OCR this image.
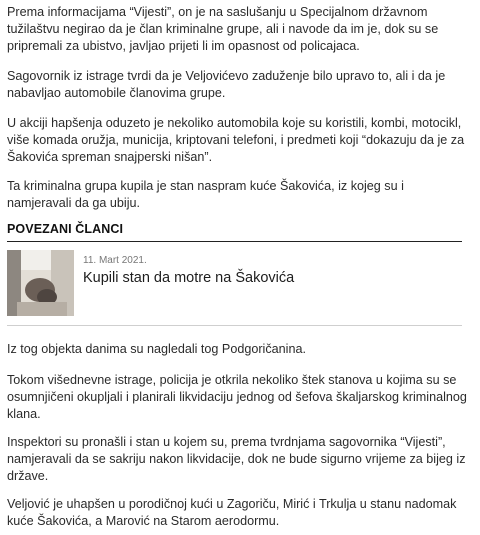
Prema informacijama “Vijesti”, on je na saslušanju u Specijalnom državnom tužilaštvu negirao da je član kriminalne grupe, ali i navode da im je, dok su se pripremali za ubistvo, javljao prijeti li im opasnost od policajaca.

Sagovornik iz istrage tvrdi da je Veljovićevo zaduženje bilo upravo to, ali i da je nabavljao automobile članovima grupe.

U akciji hapšenja oduzeto je nekoliko automobila koje su koristili, kombi, motocikl, više komada oružja, municija, kriptovani telefoni, i predmeti koji “dokazuju da je za Šakovića spreman snajperski nišan”.

Ta kriminalna grupa kupila je stan naspram kuće Šakovića, iz kojeg su i namjeravali da ga ubiju.

POVEZANI ČLANCI
11. Mart 2021.
Kupili stan da motre na Šakovića

Iz tog objekta danima su nagledali tog Podgoričanina.

Tokom višednevne istrage, policija je otkrila nekoliko štek stanova u kojima su se osumnjičeni okupljali i planirali likvidaciju jednog od šefova škaljarskog kriminalnog klana.

Inspektori su pronašli i stan u kojem su, prema tvrdnjama sagovornika “Vijesti”, namjeravali da se sakriju nakon likvidacije, dok ne bude sigurno vrijeme za bijeg iz države.

Veljović je uhapšen u porodičnoj kući u Zagoriču, Mirić i Trkulja u stanu nadomak kuće Šakovića, a Marović na Starom aerodormu.
